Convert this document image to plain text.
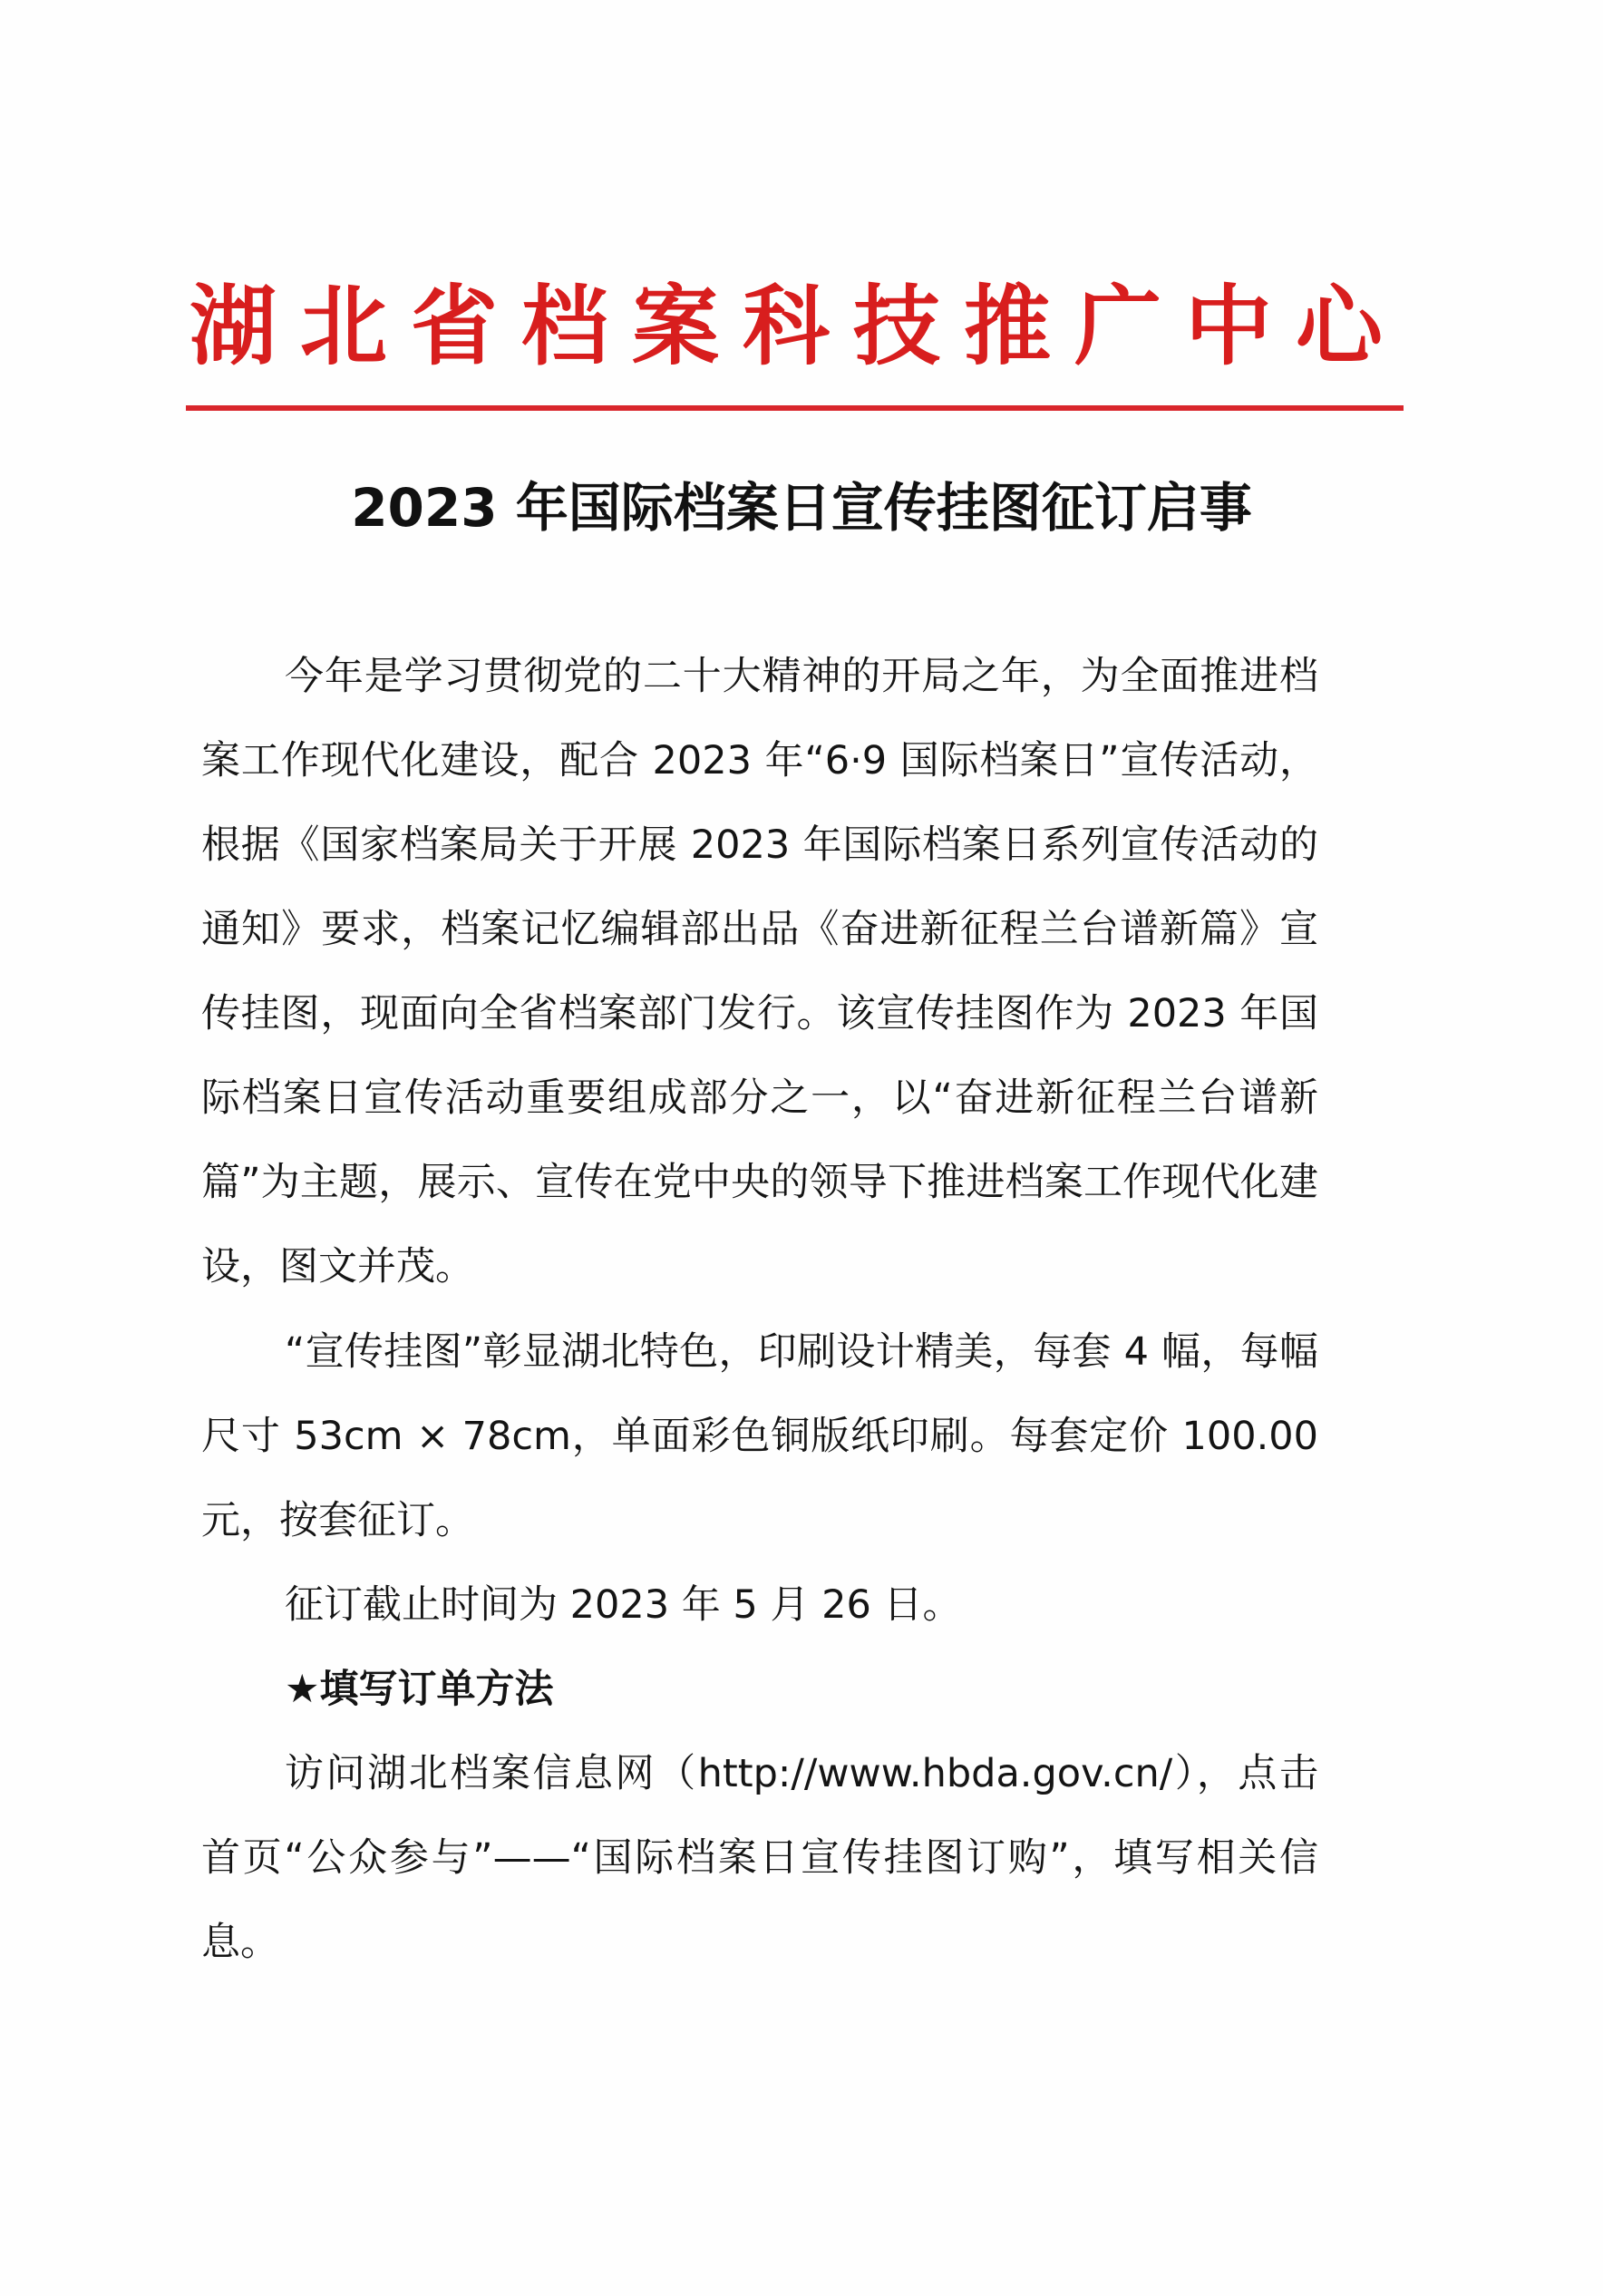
湖北省档案科技推广中心
2023 年国际档案日宣传挂图征订启事

今年是学习贯彻党的二十大精神的开局之年，为全面推进档案工作现代化建设，配合 2023 年“6·9 国际档案日”宣传活动，根据《国家档案局关于开展 2023 年国际档案日系列宣传活动的通知》要求，档案记忆编辑部出品《奋进新征程兰台谱新篇》宣传挂图，现面向全省档案部门发行。该宣传挂图作为 2023 年国际档案日宣传活动重要组成部分之一，以“奋进新征程兰台谱新篇”为主题，展示、宣传在党中央的领导下推进档案工作现代化建设，图文并茂。

“宣传挂图”彰显湖北特色，印刷设计精美，每套 4 幅，每幅尺寸 53cm × 78cm，单面彩色铜版纸印刷。每套定价 100.00 元，按套征订。

征订截止时间为 2023 年 5 月 26 日。

★填写订单方法

访问湖北档案信息网（http://www.hbda.gov.cn/），点击首页“公众参与”——“国际档案日宣传挂图订购”，填写相关信息。
